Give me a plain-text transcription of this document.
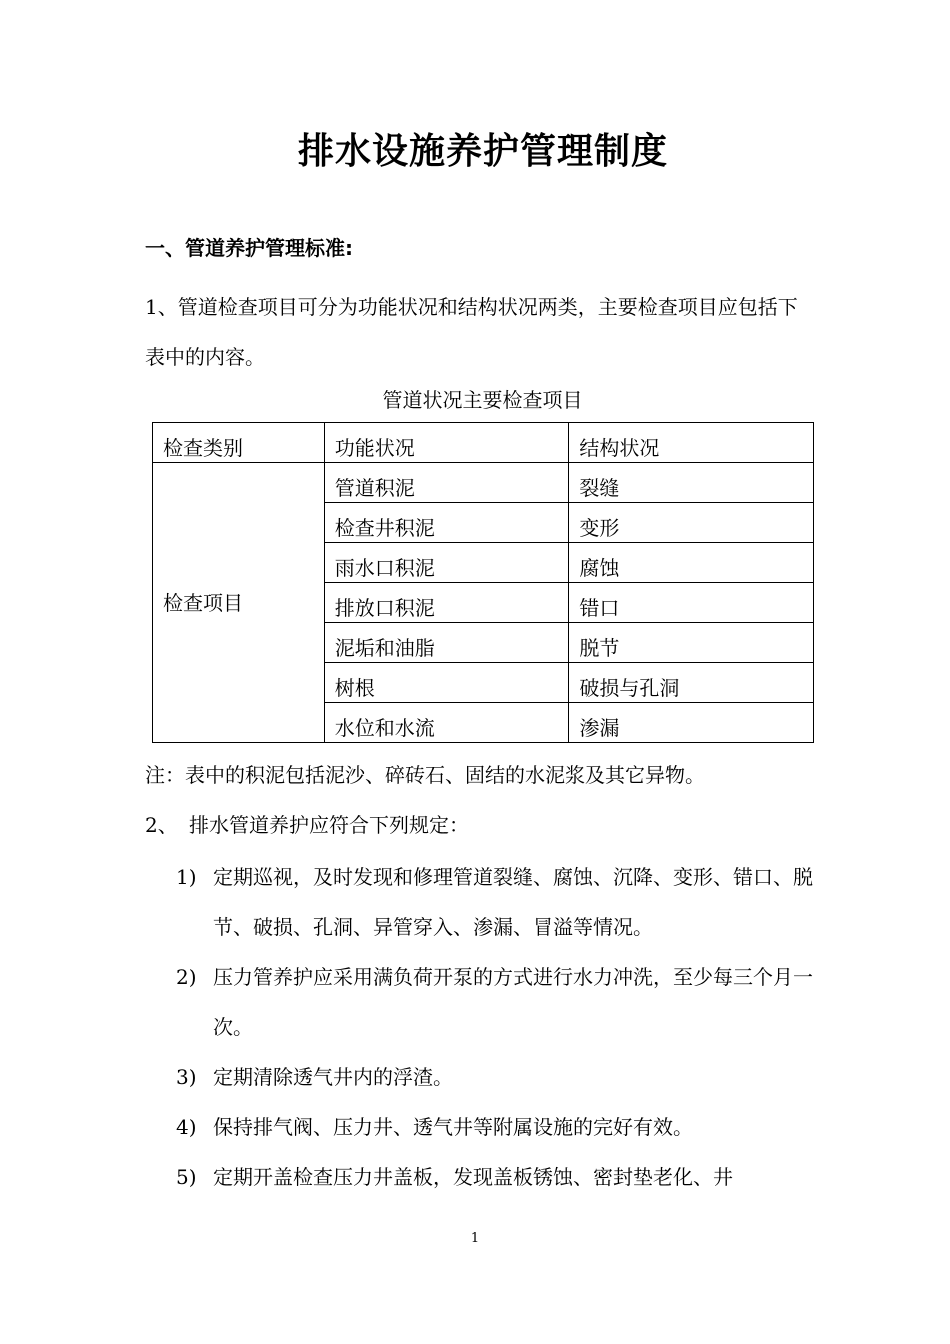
排水设施养护管理制度
一、管道养护管理标准:
1、管道检查项目可分为功能状况和结构状况两类，主要检查项目应包括下表中的内容。
管道状况主要检查项目
检查类别	功能状况	结构状况
检查项目	管道积泥	裂缝
	检查井积泥	变形
	雨水口积泥	腐蚀
	排放口积泥	错口
	泥垢和油脂	脱节
	树根	破损与孔洞
	水位和水流	渗漏
注：表中的积泥包括泥沙、碎砖石、固结的水泥浆及其它异物。
2、 排水管道养护应符合下列规定：
1) 定期巡视，及时发现和修理管道裂缝、腐蚀、沉降、变形、错口、脱节、破损、孔洞、异管穿入、渗漏、冒溢等情况。
2) 压力管养护应采用满负荷开泵的方式进行水力冲洗，至少每三个月一次。
3) 定期清除透气井内的浮渣。
4) 保持排气阀、压力井、透气井等附属设施的完好有效。
5) 定期开盖检查压力井盖板，发现盖板锈蚀、密封垫老化、井
1
